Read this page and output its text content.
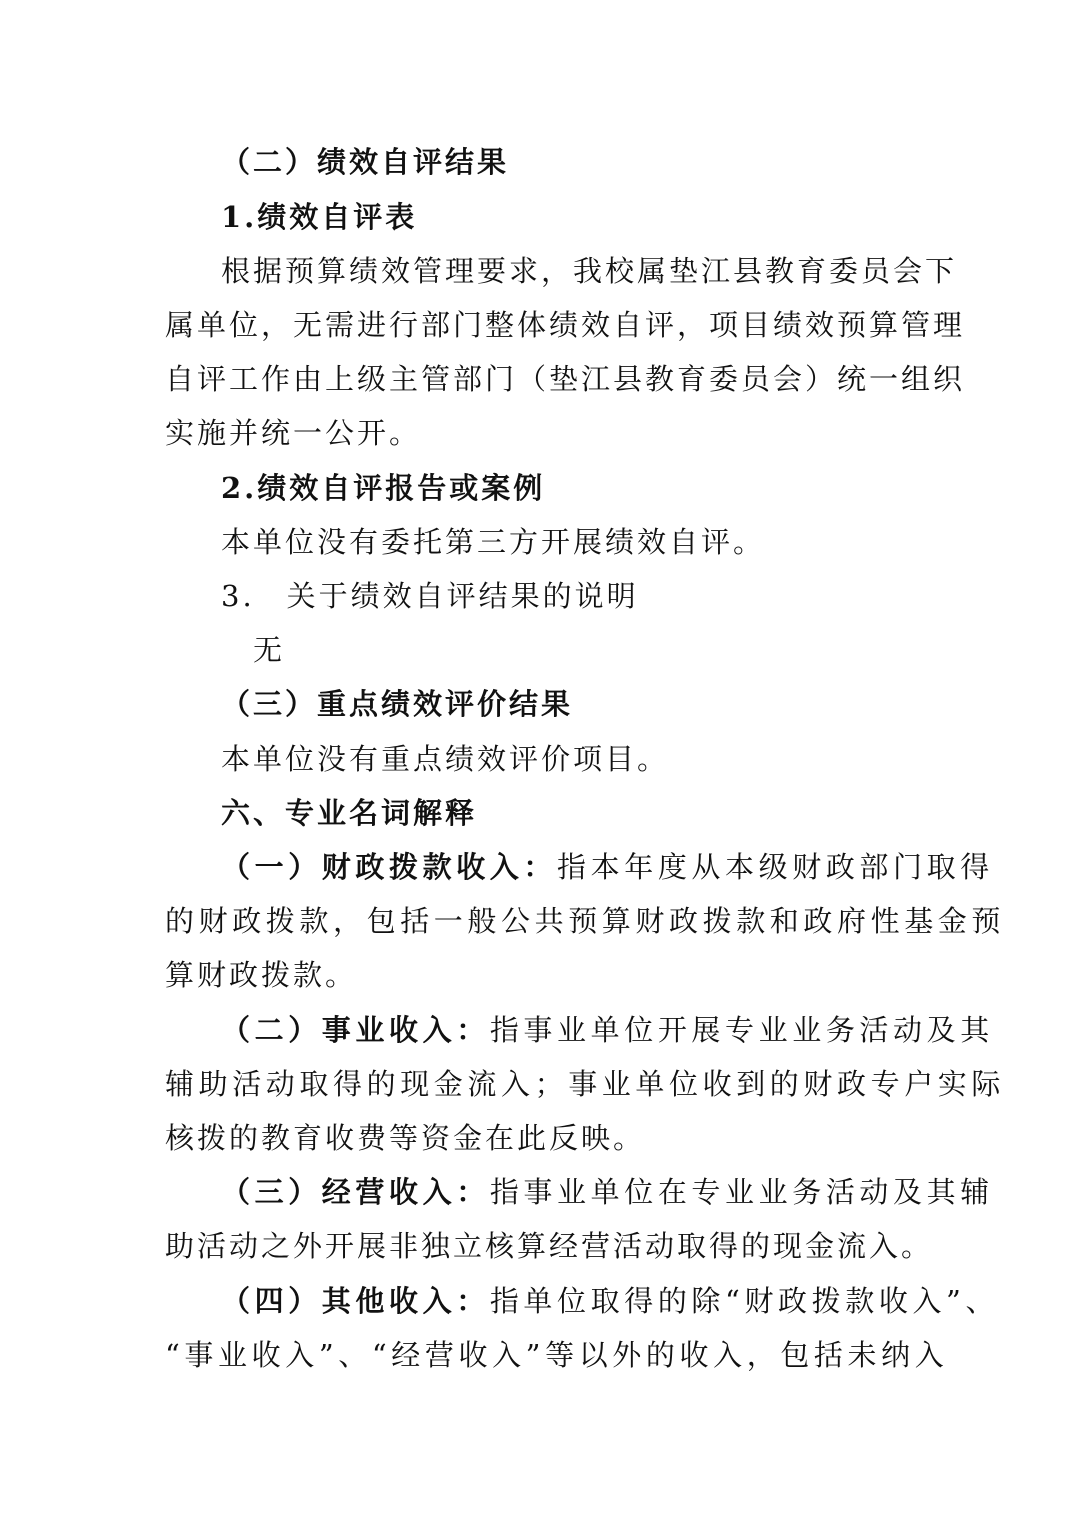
（二）绩效自评结果
1.绩效自评表
根据预算绩效管理要求，我校属垫江县教育委员会下
属单位，无需进行部门整体绩效自评，项目绩效预算管理
自评工作由上级主管部门（垫江县教育委员会）统一组织
实施并统一公开。
2.绩效自评报告或案例
本单位没有委托第三方开展绩效自评。
3.　关于绩效自评结果的说明
无
（三）重点绩效评价结果
本单位没有重点绩效评价项目。
六、专业名词解释
（一）财政拨款收入：指本年度从本级财政部门取得
的财政拨款，包括一般公共预算财政拨款和政府性基金预
算财政拨款。
（二）事业收入：指事业单位开展专业业务活动及其
辅助活动取得的现金流入；事业单位收到的财政专户实际
核拨的教育收费等资金在此反映。
（三）经营收入：指事业单位在专业业务活动及其辅
助活动之外开展非独立核算经营活动取得的现金流入。
（四）其他收入：指单位取得的除“财政拨款收入”、
“事业收入”、“经营收入”等以外的收入，包括未纳入
